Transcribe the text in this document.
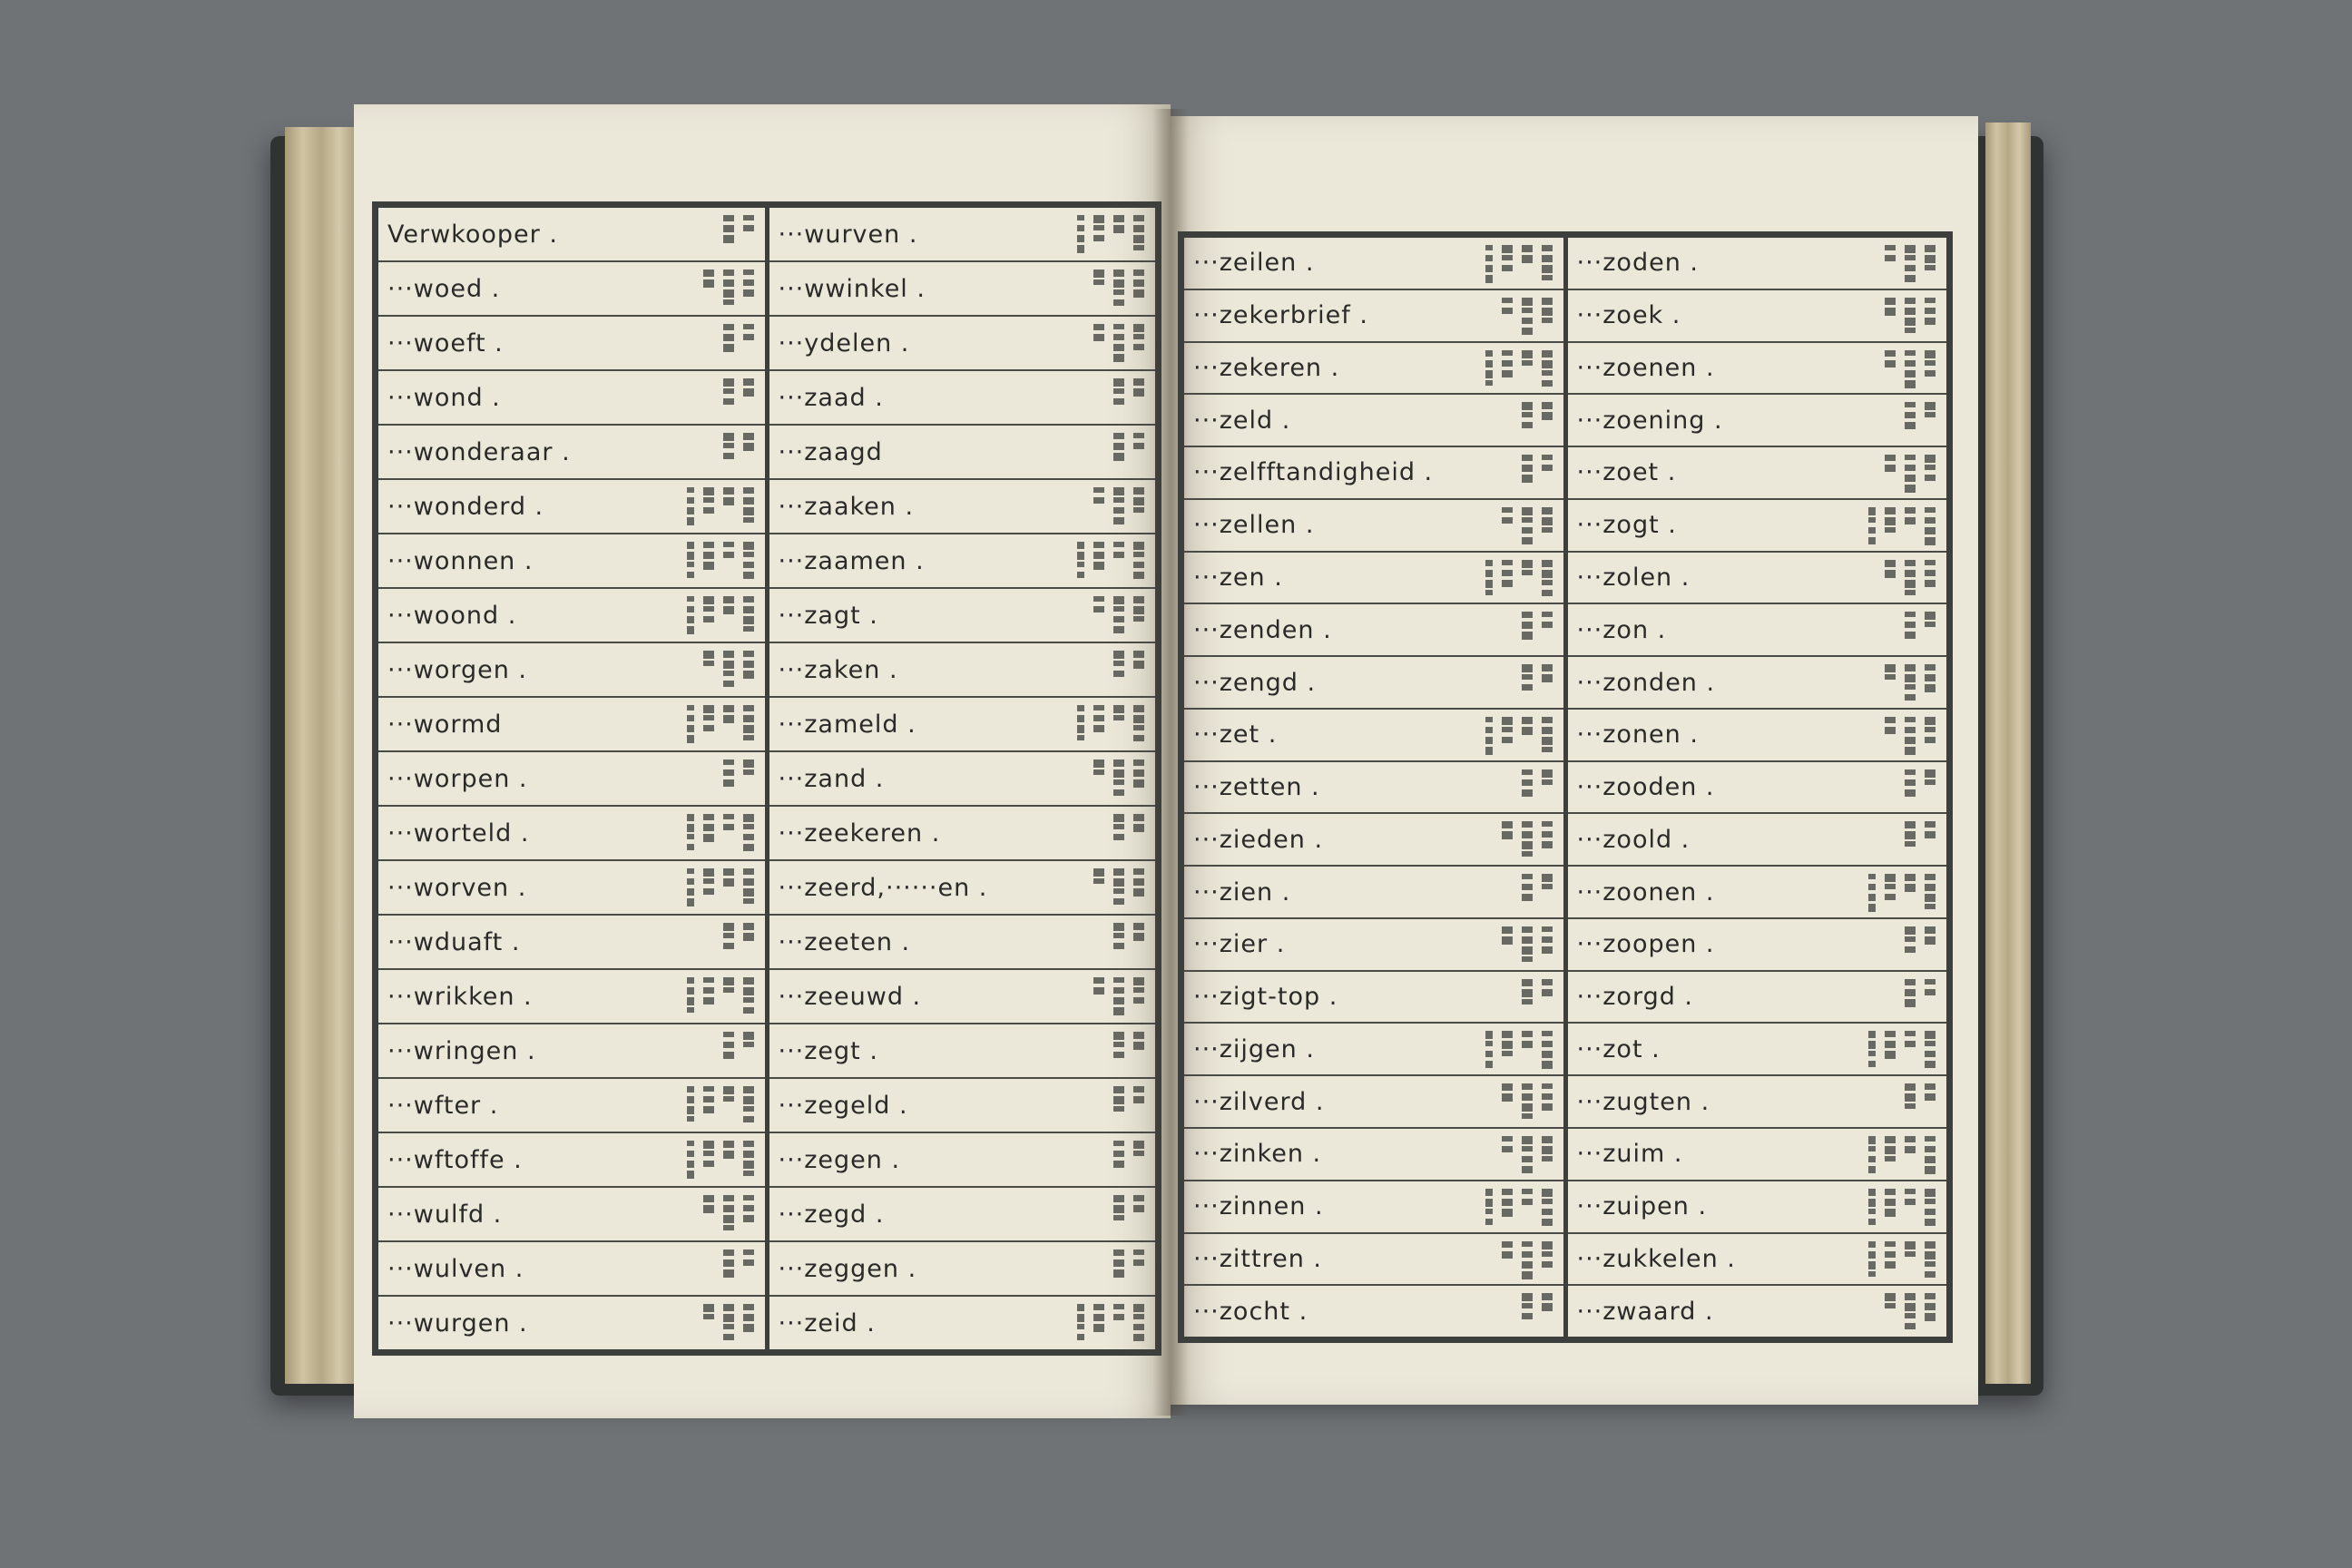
Verwkooper .
···woed .
···woeft .
···wond .
···wonderaar .
···wonderd .
···wonnen .
···woond .
···worgen .
···wormd
···worpen .
···worteld .
···worven .
···wduaft .
···wrikken .
···wringen .
···wfter .
···wftoffe .
···wulfd .
···wulven .
···wurgen .
···wurven .
···wwinkel .
···ydelen .
···zaad .
···zaagd
···zaaken .
···zaamen .
···zagt .
···zaken .
···zameld .
···zand .
···zeekeren .
···zeerd,······en .
···zeeten .
···zeeuwd .
···zegt .
···zegeld .
···zegen .
···zegd .
···zeggen .
···zeid .
···zeilen .
···zekerbrief .
···zekeren .
···zeld .
···zelfftandigheid .
···zellen .
···zen .
···zenden .
···zengd .
···zet .
···zetten .
···zieden .
···zien .
···zier .
···zigt-top .
···zijgen .
···zilverd .
···zinken .
···zinnen .
···zittren .
···zocht .
···zoden .
···zoek .
···zoenen .
···zoening .
···zoet .
···zogt .
···zolen .
···zon .
···zonden .
···zonen .
···zooden .
···zoold .
···zoonen .
···zoopen .
···zorgd .
···zot .
···zugten .
···zuim .
···zuipen .
···zukkelen .
···zwaard .
